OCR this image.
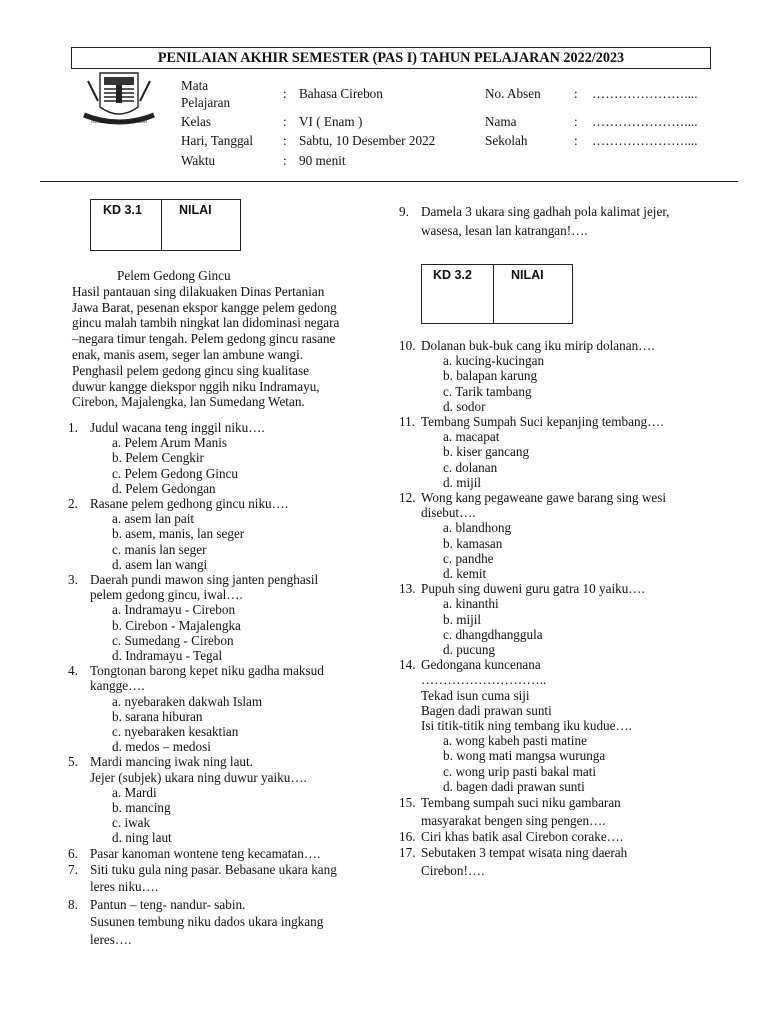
PENILAIAN AKHIR SEMESTER (PAS I) TAHUN PELAJARAN 2022/2023
GEMAH RIPAH LOH JINAWI
Mata
Pelajaran
: Bahasa Cirebon	No. Absen	: …………………....
Kelas	: VI ( Enam )	Nama	: …………………....
Hari, Tanggal : Sabtu, 10 Desember 2022	Sekolah	: …………………....
Waktu	: 90 menit
KD 3.1	NILAI
KD 3.2	NILAI
Pelem Gedong Gincu
Hasil pantauan sing dilakuaken Dinas Pertanian
Jawa Barat, pesenan ekspor kangge pelem gedong
gincu malah tambih ningkat lan didominasi negara
–negara timur tengah. Pelem gedong gincu rasane
enak, manis asem, seger lan ambune wangi.
Penghasil pelem gedong gincu sing kualitase
duwur kangge diekspor nggih niku Indramayu,
Cirebon, Majalengka, lan Sumedang Wetan.
9. Damela 3 ukara sing gadhah pola kalimat jejer,
wasesa, lesan lan katrangan!….
1. Judul wacana teng inggil niku….
a. Pelem Arum Manis
b. Pelem Cengkir
c. Pelem Gedong Gincu
d. Pelem Gedongan
2. Rasane pelem gedhong gincu niku….
a. asem lan pait
b. asem, manis, lan seger
c. manis lan seger
d. asem lan wangi
3. Daerah pundi mawon sing janten penghasil
pelem gedong gincu, iwal….
a. Indramayu - Cirebon
b. Cirebon - Majalengka
c. Sumedang - Cirebon
d. Indramayu - Tegal
4. Tongtonan barong kepet niku gadha maksud
kangge….
a. nyebaraken dakwah Islam
b. sarana hiburan
c. nyebaraken kesaktian
d. medos – medosi
5. Mardi mancing iwak ning laut.
Jejer (subjek) ukara ning duwur yaiku….
a. Mardi
b. mancing
c. iwak
d. ning laut
6. Pasar kanoman wontene teng kecamatan….
7. Siti tuku gula ning pasar. Bebasane ukara kang
leres niku….
8. Pantun – teng- nandur- sabin.
Susunen tembung niku dados ukara ingkang
leres….
10. Dolanan buk-buk cang iku mirip dolanan….
a. kucing-kucingan
b. balapan karung
c. Tarik tambang
d. sodor
11. Tembang Sumpah Suci kepanjing tembang….
a. macapat
b. kiser gancang
c. dolanan
d. mijil
12. Wong kang pegaweane gawe barang sing wesi
disebut….
a. blandhong
b. kamasan
c. pandhe
d. kemit
13. Pupuh sing duweni guru gatra 10 yaiku….
a. kinanthi
b. mijil
c. dhangdhanggula
d. pucung
14. Gedongana kuncenana
………………………..
Tekad isun cuma siji
Bagen dadi prawan sunti
Isi titik-titik ning tembang iku kudue….
a. wong kabeh pasti matine
b. wong mati mangsa wurunga
c. wong urip pasti bakal mati
d. bagen dadi prawan sunti
15. Tembang sumpah suci niku gambaran
masyarakat bengen sing pengen….
16. Ciri khas batik asal Cirebon corake….
17. Sebutaken 3 tempat wisata ning daerah
Cirebon!….
